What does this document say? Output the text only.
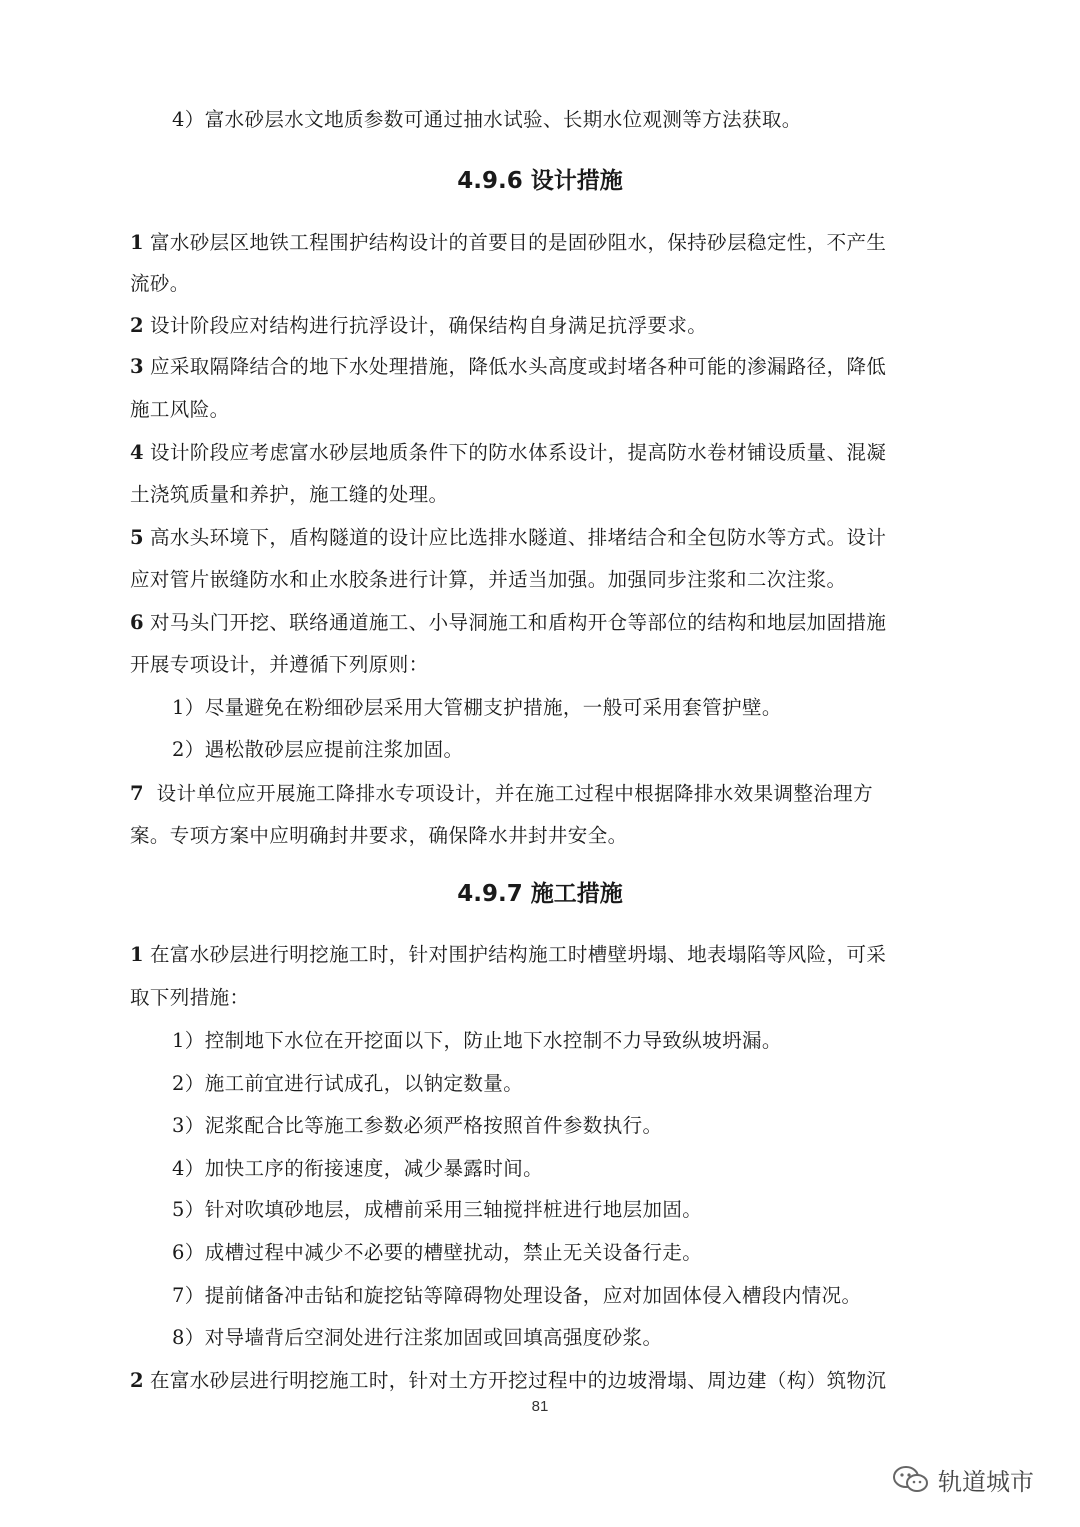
4）富水砂层水文地质参数可通过抽水试验、长期水位观测等方法获取。
4.9.6 设计措施
1 富水砂层区地铁工程围护结构设计的首要目的是固砂阻水，保持砂层稳定性，不产生
流砂。
2 设计阶段应对结构进行抗浮设计，确保结构自身满足抗浮要求。
3 应采取隔降结合的地下水处理措施，降低水头高度或封堵各种可能的渗漏路径，降低
施工风险。
4 设计阶段应考虑富水砂层地质条件下的防水体系设计，提高防水卷材铺设质量、混凝
土浇筑质量和养护，施工缝的处理。
5 高水头环境下，盾构隧道的设计应比选排水隧道、排堵结合和全包防水等方式。设计
应对管片嵌缝防水和止水胶条进行计算，并适当加强。加强同步注浆和二次注浆。
6 对马头门开挖、联络通道施工、小导洞施工和盾构开仓等部位的结构和地层加固措施
开展专项设计，并遵循下列原则：
1）尽量避免在粉细砂层采用大管棚支护措施，一般可采用套管护壁。
2）遇松散砂层应提前注浆加固。
7 设计单位应开展施工降排水专项设计，并在施工过程中根据降排水效果调整治理方
案。专项方案中应明确封井要求，确保降水井封井安全。
4.9.7 施工措施
1 在富水砂层进行明挖施工时，针对围护结构施工时槽壁坍塌、地表塌陷等风险，可采
取下列措施：
1）控制地下水位在开挖面以下，防止地下水控制不力导致纵坡坍漏。
2）施工前宜进行试成孔，以钠定数量。
3）泥浆配合比等施工参数必须严格按照首件参数执行。
4）加快工序的衔接速度，减少暴露时间。
5）针对吹填砂地层，成槽前采用三轴搅拌桩进行地层加固。
6）成槽过程中减少不必要的槽壁扰动，禁止无关设备行走。
7）提前储备冲击钻和旋挖钻等障碍物处理设备，应对加固体侵入槽段内情况。
8）对导墙背后空洞处进行注浆加固或回填高强度砂浆。
2 在富水砂层进行明挖施工时，针对土方开挖过程中的边坡滑塌、周边建（构）筑物沉
81
轨道城市
